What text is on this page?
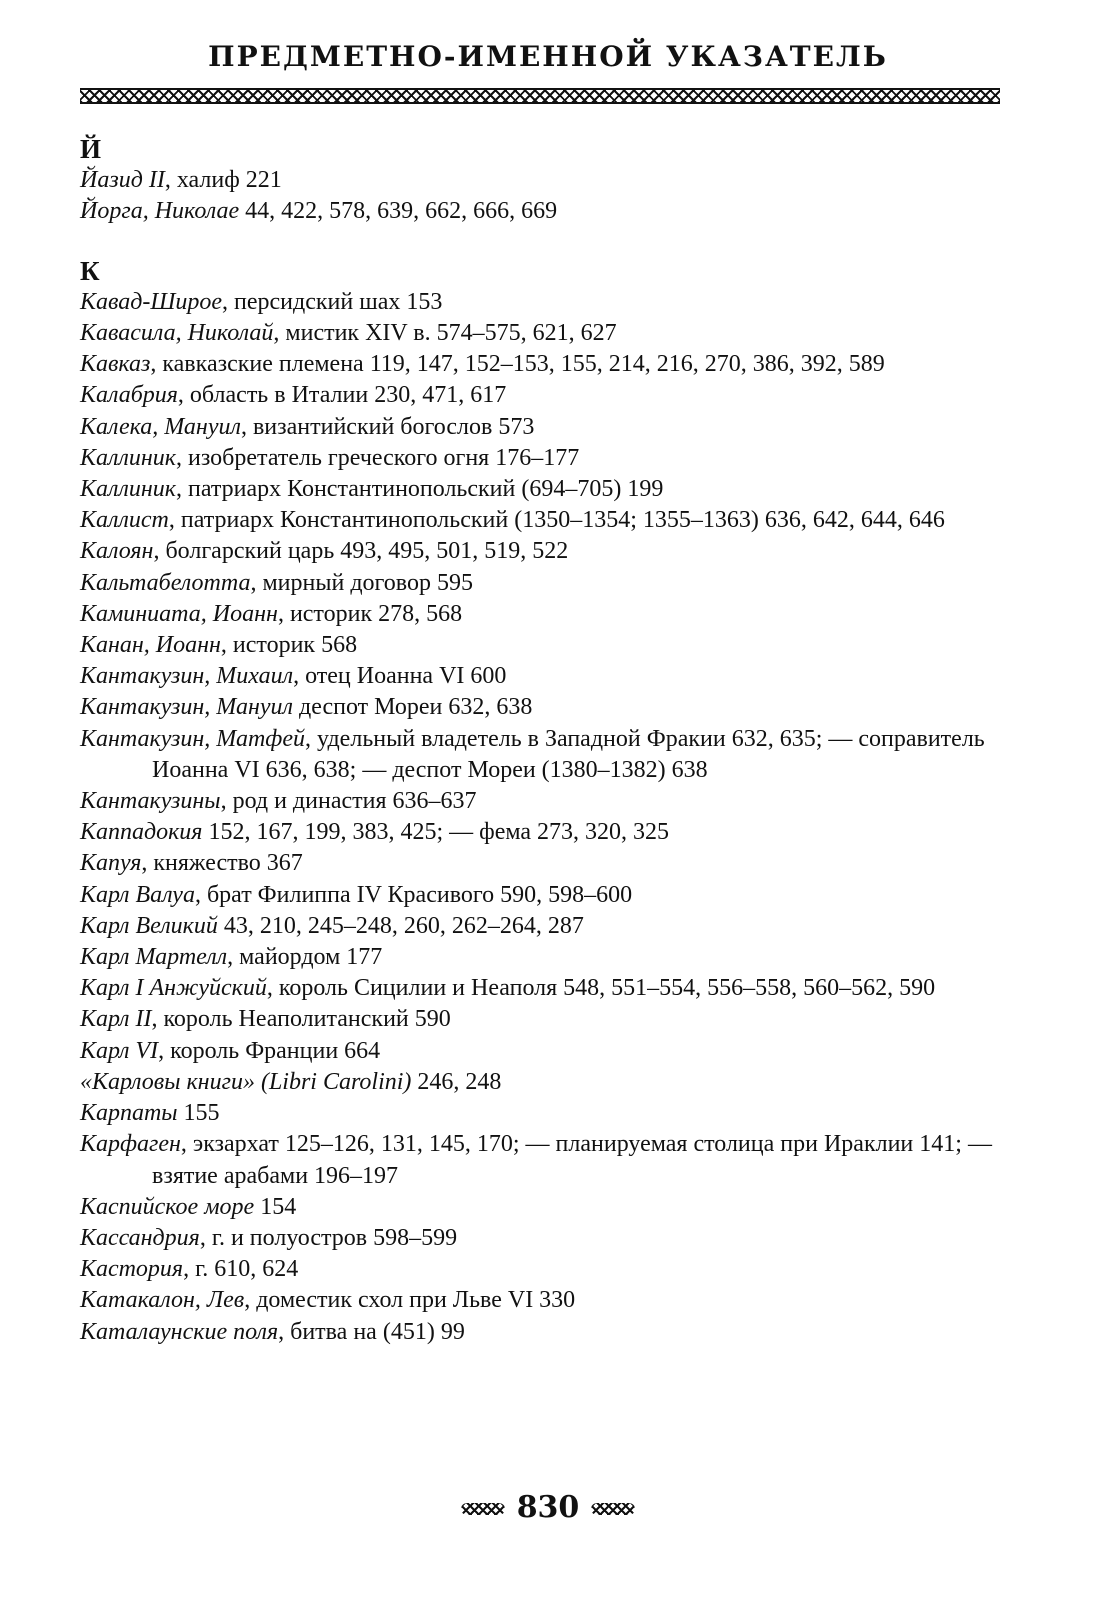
ПРЕДМЕТНО-ИМЕННОЙ УКАЗАТЕЛЬ
Й
Йазид II, халиф 221
Йорга, Николае 44, 422, 578, 639, 662, 666, 669
К
Кавад-Широе, персидский шах 153
Кавасила, Николай, мистик XIV в. 574–575, 621, 627
Кавказ, кавказские племена 119, 147, 152–153, 155, 214, 216, 270, 386, 392, 589
Калабрия, область в Италии 230, 471, 617
Калека, Мануил, византийский богослов 573
Каллиник, изобретатель греческого огня 176–177
Каллиник, патриарх Константинопольский (694–705) 199
Каллист, патриарх Константинопольский (1350–1354; 1355–1363) 636, 642, 644, 646
Калоян, болгарский царь 493, 495, 501, 519, 522
Кальтабелотта, мирный договор 595
Каминиата, Иоанн, историк 278, 568
Канан, Иоанн, историк 568
Кантакузин, Михаил, отец Иоанна VI 600
Кантакузин, Мануил деспот Мореи 632, 638
Кантакузин, Матфей, удельный владетель в Западной Фракии 632, 635; — соправитель Иоанна VI 636, 638; — деспот Мореи (1380–1382) 638
Кантакузины, род и династия 636–637
Каппадокия 152, 167, 199, 383, 425; — фема 273, 320, 325
Капуя, княжество 367
Карл Валуа, брат Филиппа IV Красивого 590, 598–600
Карл Великий 43, 210, 245–248, 260, 262–264, 287
Карл Мартелл, майордом 177
Карл I Анжуйский, король Сицилии и Неаполя 548, 551–554, 556–558, 560–562, 590
Карл II, король Неаполитанский 590
Карл VI, король Франции 664
«Карловы книги» (Libri Carolini) 246, 248
Карпаты 155
Карфаген, экзархат 125–126, 131, 145, 170; — планируемая столица при Ираклии 141; — взятие арабами 196–197
Каспийское море 154
Кассандрия, г. и полуостров 598–599
Кастория, г. 610, 624
Катакалон, Лев, доместик схол при Льве VI 330
Каталаунские поля, битва на (451) 99
830
